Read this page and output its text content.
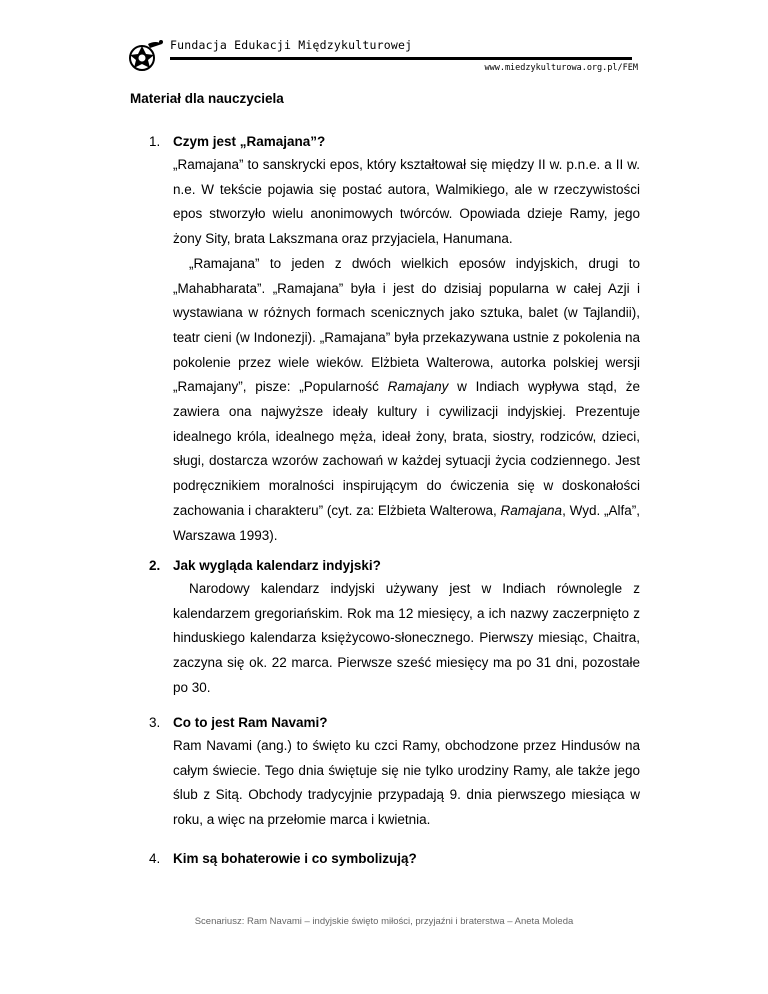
Fundacja Edukacji Międzykulturowej
www.miedzykulturowa.org.pl/FEM
Materiał dla nauczyciela
1. Czym jest „Ramajana”?

„Ramajana” to sanskrycki epos, który kształtował się między II w. p.n.e. a II w. n.e. W tekście pojawia się postać autora, Walmikiego, ale w rzeczywistości epos stworzyło wielu anonimowych twórców. Opowiada dzieje Ramy, jego żony Sity, brata Lakszmana oraz przyjaciela, Hanumana.

„Ramajana” to jeden z dwóch wielkich eposów indyjskich, drugi to „Mahabharata”. „Ramajana” była i jest do dzisiaj popularna w całej Azji i wystawiana w różnych formach scenicznych jako sztuka, balet (w Tajlandii), teatr cieni (w Indonezji). „Ramajana” była przekazywana ustnie z pokolenia na pokolenie przez wiele wieków. Elżbieta Walterowa, autorka polskiej wersji „Ramajany”, pisze: „Popularność Ramajany w Indiach wypływa stąd, że zawiera ona najwyższe ideały kultury i cywilizacji indyjskiej. Prezentuje idealnego króla, idealnego męża, ideał żony, brata, siostry, rodziców, dzieci, sługi, dostarcza wzorów zachowań w każdej sytuacji życia codziennego. Jest podręcznikiem moralności inspirującym do ćwiczenia się w doskonałości zachowania i charakteru” (cyt. za: Elżbieta Walterowa, Ramajana, Wyd. „Alfa”, Warszawa 1993).

2. Jak wygląda kalendarz indyjski?

Narodowy kalendarz indyjski używany jest w Indiach równolegle z kalendarzem gregoriańskim. Rok ma 12 miesięcy, a ich nazwy zaczerpnięto z hinduskiego kalendarza księżycowo-słonecznego. Pierwszy miesiąc, Chaitra, zaczyna się ok. 22 marca. Pierwsze sześć miesięcy ma po 31 dni, pozostałe po 30.

3. Co to jest Ram Navami?

Ram Navami (ang.) to święto ku czci Ramy, obchodzone przez Hindusów na całym świecie. Tego dnia świętuje się nie tylko urodziny Ramy, ale także jego ślub z Sitą. Obchody tradycyjnie przypadają 9. dnia pierwszego miesiąca w roku, a więc na przełomie marca i kwietnia.

4. Kim są bohaterowie i co symbolizują?
Scenariusz: Ram Navami – indyjskie święto miłości, przyjaźni i braterstwa – Aneta Moleda
